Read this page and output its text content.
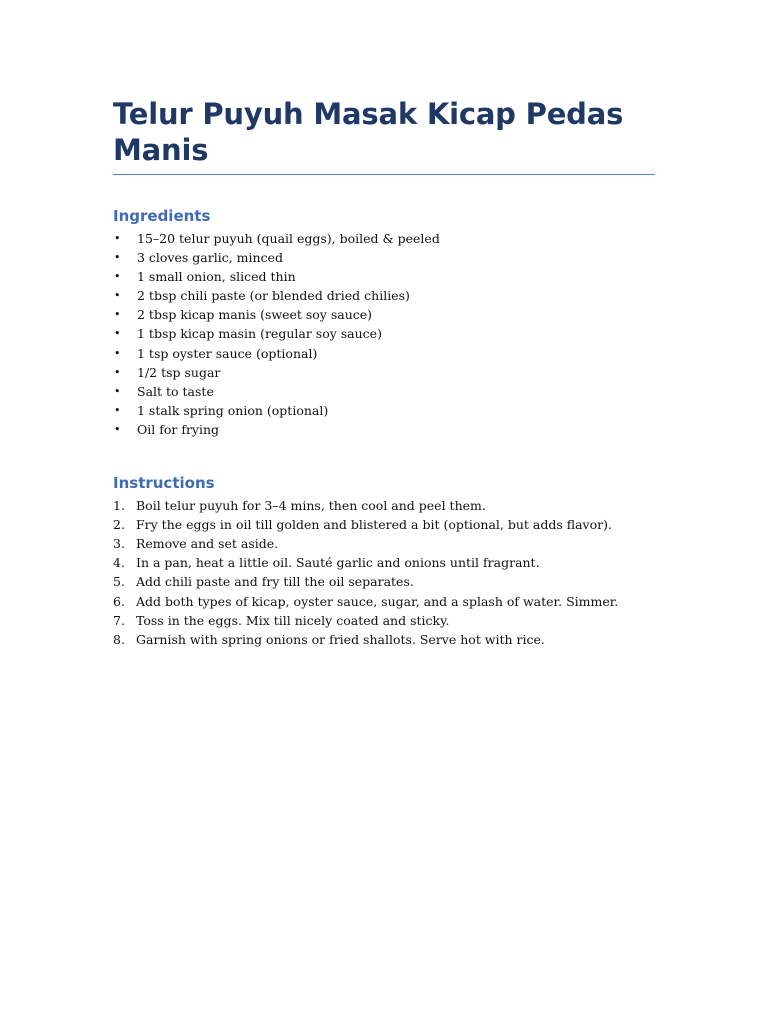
Telur Puyuh Masak Kicap Pedas Manis
Ingredients
•	15–20 telur puyuh (quail eggs), boiled & peeled
•	3 cloves garlic, minced
•	1 small onion, sliced thin
•	2 tbsp chili paste (or blended dried chilies)
•	2 tbsp kicap manis (sweet soy sauce)
•	1 tbsp kicap masin (regular soy sauce)
•	1 tsp oyster sauce (optional)
•	1/2 tsp sugar
•	Salt to taste
•	1 stalk spring onion (optional)
•	Oil for frying
Instructions
1. Boil telur puyuh for 3–4 mins, then cool and peel them.
2. Fry the eggs in oil till golden and blistered a bit (optional, but adds flavor).
3. Remove and set aside.
4. In a pan, heat a little oil. Sauté garlic and onions until fragrant.
5. Add chili paste and fry till the oil separates.
6. Add both types of kicap, oyster sauce, sugar, and a splash of water. Simmer.
7. Toss in the eggs. Mix till nicely coated and sticky.
8. Garnish with spring onions or fried shallots. Serve hot with rice.
